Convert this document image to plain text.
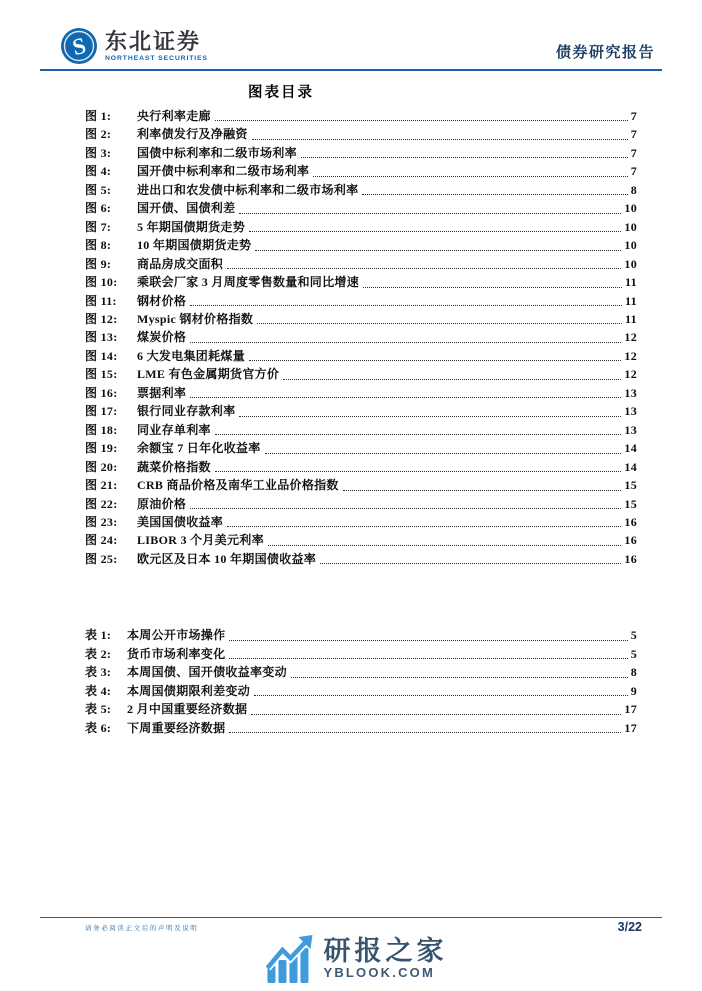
S 东北证券
NORTHEAST SECURITIES	债券研究报告
图表目录
图 1:	央行利率走廊	7
图 2:	利率债发行及净融资	7
图 3:	国债中标利率和二级市场利率	7
图 4:	国开债中标利率和二级市场利率	7
图 5:	进出口和农发债中标利率和二级市场利率	8
图 6:	国开债、国债利差	10
图 7:	5 年期国债期货走势	10
图 8:	10 年期国债期货走势	10
图 9:	商品房成交面积	10
图 10:	乘联会厂家 3 月周度零售数量和同比增速	11
图 11:	钢材价格	11
图 12:	Myspic 钢材价格指数	11
图 13:	煤炭价格	12
图 14:	6 大发电集团耗煤量	12
图 15:	LME 有色金属期货官方价	12
图 16:	票据利率	13
图 17:	银行同业存款利率	13
图 18:	同业存单利率	13
图 19:	余额宝 7 日年化收益率	14
图 20:	蔬菜价格指数	14
图 21:	CRB 商品价格及南华工业品价格指数	15
图 22:	原油价格	15
图 23:	美国国债收益率	16
图 24:	LIBOR 3 个月美元利率	16
图 25:	欧元区及日本 10 年期国债收益率	16
表 1:	本周公开市场操作	5
表 2:	货币市场利率变化	5
表 3:	本周国债、国开债收益率变动	8
表 4:	本周国债期限利差变动	9
表 5:	2 月中国重要经济数据	17
表 6:	下周重要经济数据	17
请务必阅读正文后的声明及说明	3/22
研报之家
YBLOOK.COM
